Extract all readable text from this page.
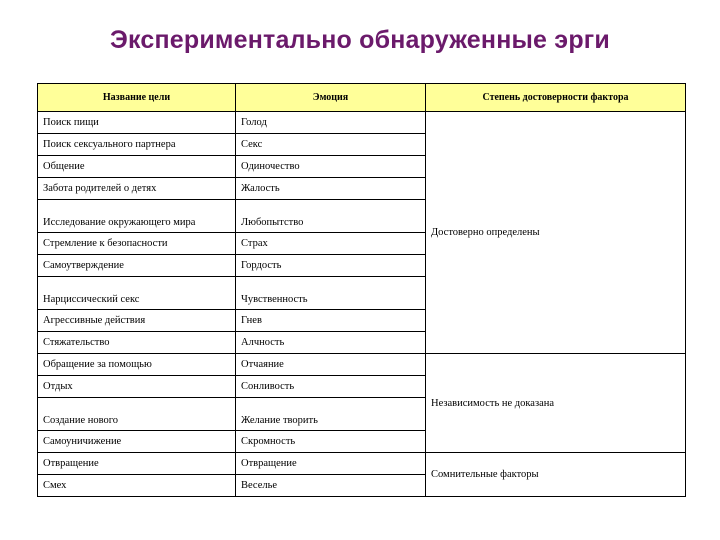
Экспериментально обнаруженные эрги
Название цели	Эмоция	Степень достоверности фактора
Поиск пищи	Голод	Достоверно определены
Поиск сексуального партнера	Секс	
Общение	Одиночество	
Забота родителей о детях	Жалость	
Исследование окружающего мира	Любопытство	
Стремление к безопасности	Страх	
Самоутверждение	Гордость	
Нарциссический секс	Чувственность	
Агрессивные действия	Гнев	
Стяжательство	Алчность	
Обращение за помощью	Отчаяние	Независимость не доказана
Отдых	Сонливость	
Создание нового	Желание творить	
Самоуничижение	Скромность	
Отвращение	Отвращение	Сомнительные факторы
Смех	Веселье	
